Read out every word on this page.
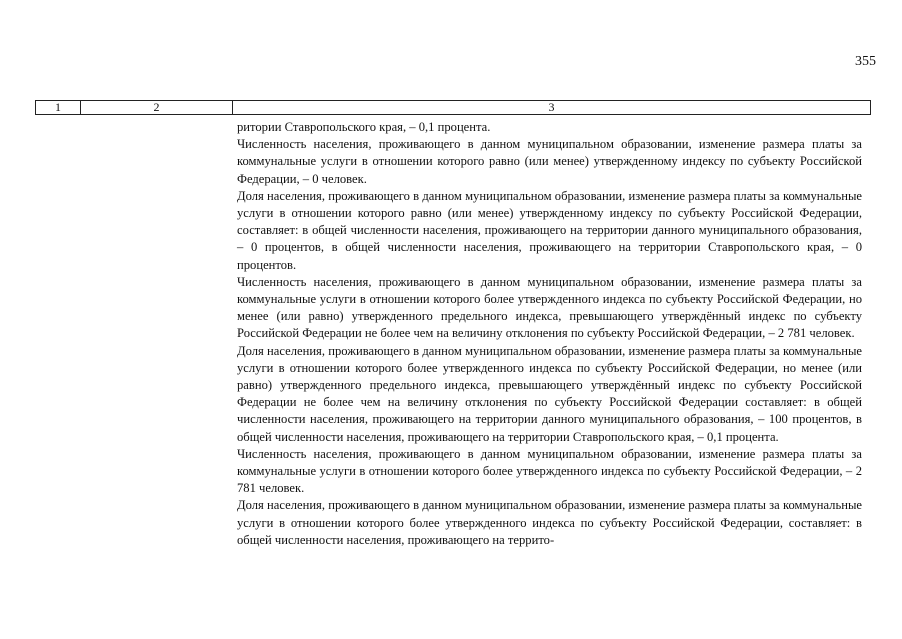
355
1	2	3

ритории Ставропольского края, – 0,1 процента.

Численность населения, проживающего в данном муниципальном образовании, изменение размера платы за коммунальные услуги в отношении которого равно (или менее) утвержденному индексу по субъекту Российской Федерации, – 0 человек.

Доля населения, проживающего в данном муниципальном образовании, изменение размера платы за коммунальные услуги в отношении которого равно (или менее) утвержденному индексу по субъекту Российской Федерации, составляет: в общей численности населения, проживающего на территории данного муниципального образования, – 0 процентов, в общей численности населения, проживающего на территории Ставропольского края, – 0 процентов.

Численность населения, проживающего в данном муниципальном образовании, изменение размера платы за коммунальные услуги в отношении которого более утвержденного индекса по субъекту Российской Федерации, но менее (или равно) утвержденного предельного индекса, превышающего утверждённый индекс по субъекту Российской Федерации не более чем на величину отклонения по субъекту Российской Федерации, – 2 781 человек.

Доля населения, проживающего в данном муниципальном образовании, изменение размера платы за коммунальные услуги в отношении которого более утвержденного индекса по субъекту Российской Федерации, но менее (или равно) утвержденного предельного индекса, превышающего утверждённый индекс по субъекту Российской Федерации не более чем на величину отклонения по субъекту Российской Федерации составляет: в общей численности населения, проживающего на территории данного муниципального образования, – 100 процентов, в общей численности населения, проживающего на территории Ставропольского края, – 0,1 процента.

Численность населения, проживающего в данном муниципальном образовании, изменение размера платы за коммунальные услуги в отношении которого более утвержденного индекса по субъекту Российской Федерации, – 2 781 человек.

Доля населения, проживающего в данном муниципальном образовании, изменение размера платы за коммунальные услуги в отношении которого более утвержденного индекса по субъекту Российской Федерации, составляет: в общей численности населения, проживающего на террито-
